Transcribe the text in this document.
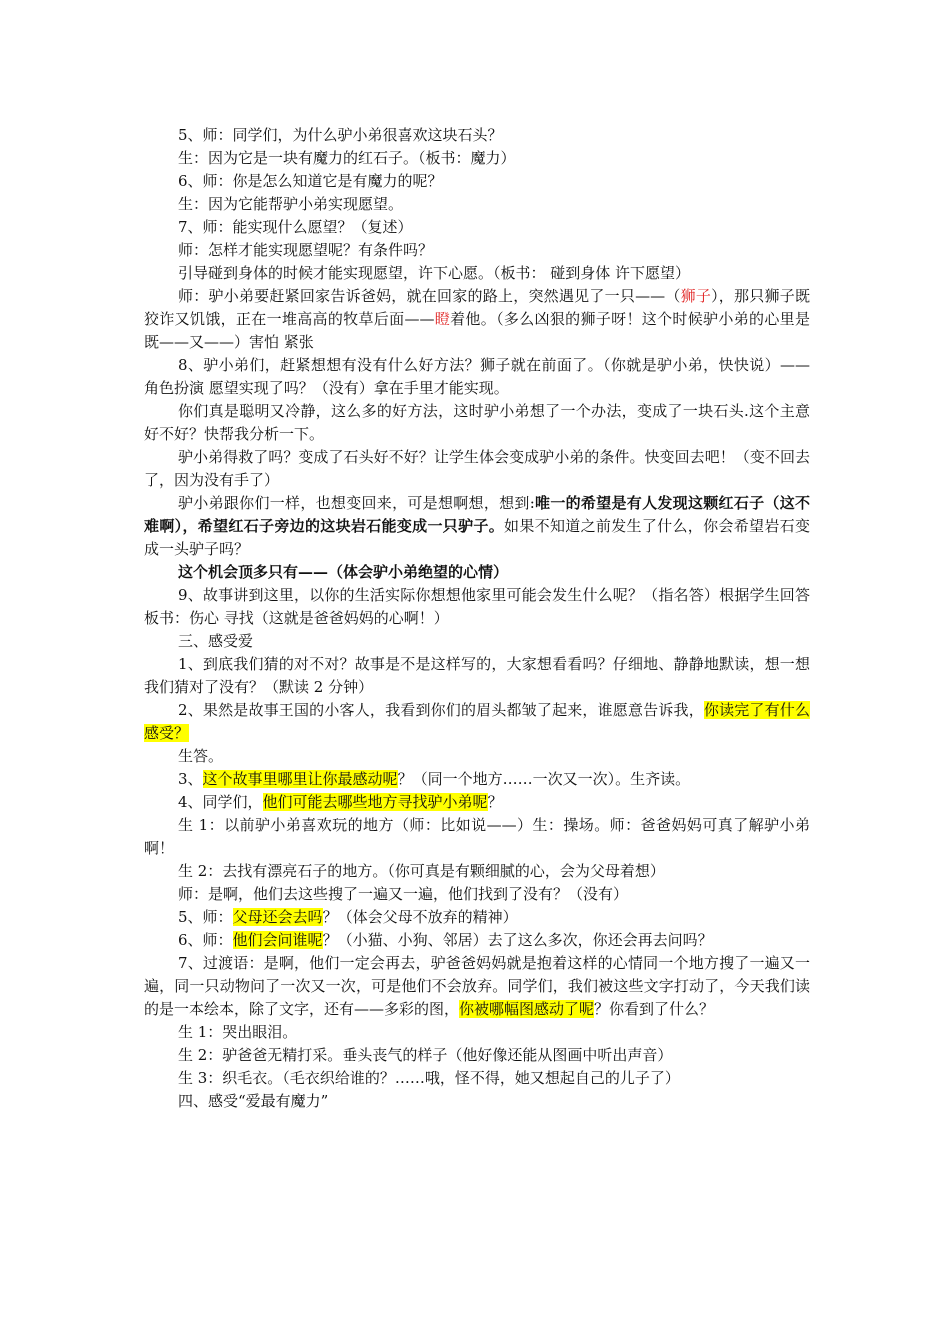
5、师：同学们，为什么驴小弟很喜欢这块石头？

生：因为它是一块有魔力的红石子。（板书：魔力）

6、师：你是怎么知道它是有魔力的呢？

生：因为它能帮驴小弟实现愿望。

7、师：能实现什么愿望？（复述）

师：怎样才能实现愿望呢？有条件吗？

引导碰到身体的时候才能实现愿望，许下心愿。（板书： 碰到身体 许下愿望）

师：驴小弟要赶紧回家告诉爸妈，就在回家的路上，突然遇见了一只——（狮子），那只狮子既狡诈又饥饿，正在一堆高高的牧草后面——瞪着他。（多么凶狠的狮子呀！这个时候驴小弟的心里是既——又——）害怕 紧张

8、驴小弟们，赶紧想想有没有什么好方法？狮子就在前面了。（你就是驴小弟，快快说）——角色扮演 愿望实现了吗？（没有）拿在手里才能实现。

你们真是聪明又冷静，这么多的好方法，这时驴小弟想了一个办法，变成了一块石头.这个主意好不好？快帮我分析一下。

驴小弟得救了吗？变成了石头好不好？让学生体会变成驴小弟的条件。快变回去吧！（变不回去了，因为没有手了）

驴小弟跟你们一样，也想变回来，可是想啊想，想到:唯一的希望是有人发现这颗红石子（这不难啊），希望红石子旁边的这块岩石能变成一只驴子。如果不知道之前发生了什么，你会希望岩石变成一头驴子吗？

这个机会顶多只有——（体会驴小弟绝望的心情）

9、故事讲到这里，以你的生活实际你想想他家里可能会发生什么呢？（指名答）根据学生回答板书：伤心 寻找（这就是爸爸妈妈的心啊！）

三、感受爱

1、到底我们猜的对不对？故事是不是这样写的，大家想看看吗？仔细地、静静地默读，想一想我们猜对了没有？（默读 2 分钟）

2、果然是故事王国的小客人，我看到你们的眉头都皱了起来，谁愿意告诉我，你读完了有什么感受？

生答。

3、这个故事里哪里让你最感动呢？（同一个地方……一次又一次）。生齐读。

4、同学们，他们可能去哪些地方寻找驴小弟呢？

生 1：以前驴小弟喜欢玩的地方（师：比如说——）生：操场。师：爸爸妈妈可真了解驴小弟啊！

生 2：去找有漂亮石子的地方。（你可真是有颗细腻的心，会为父母着想）

师：是啊，他们去这些搜了一遍又一遍，他们找到了没有？（没有）

5、师：父母还会去吗？（体会父母不放弃的精神）

6、师：他们会问谁呢？（小猫、小狗、邻居）去了这么多次，你还会再去问吗？

7、过渡语：是啊，他们一定会再去，驴爸爸妈妈就是抱着这样的心情同一个地方搜了一遍又一遍，同一只动物问了一次又一次，可是他们不会放弃。同学们，我们被这些文字打动了，今天我们读的是一本绘本，除了文字，还有——多彩的图，你被哪幅图感动了呢？你看到了什么？

生 1：哭出眼泪。

生 2：驴爸爸无精打采。垂头丧气的样子（他好像还能从图画中听出声音）

生 3：织毛衣。（毛衣织给谁的？……哦，怪不得，她又想起自己的儿子了）

四、感受“爱最有魔力”
